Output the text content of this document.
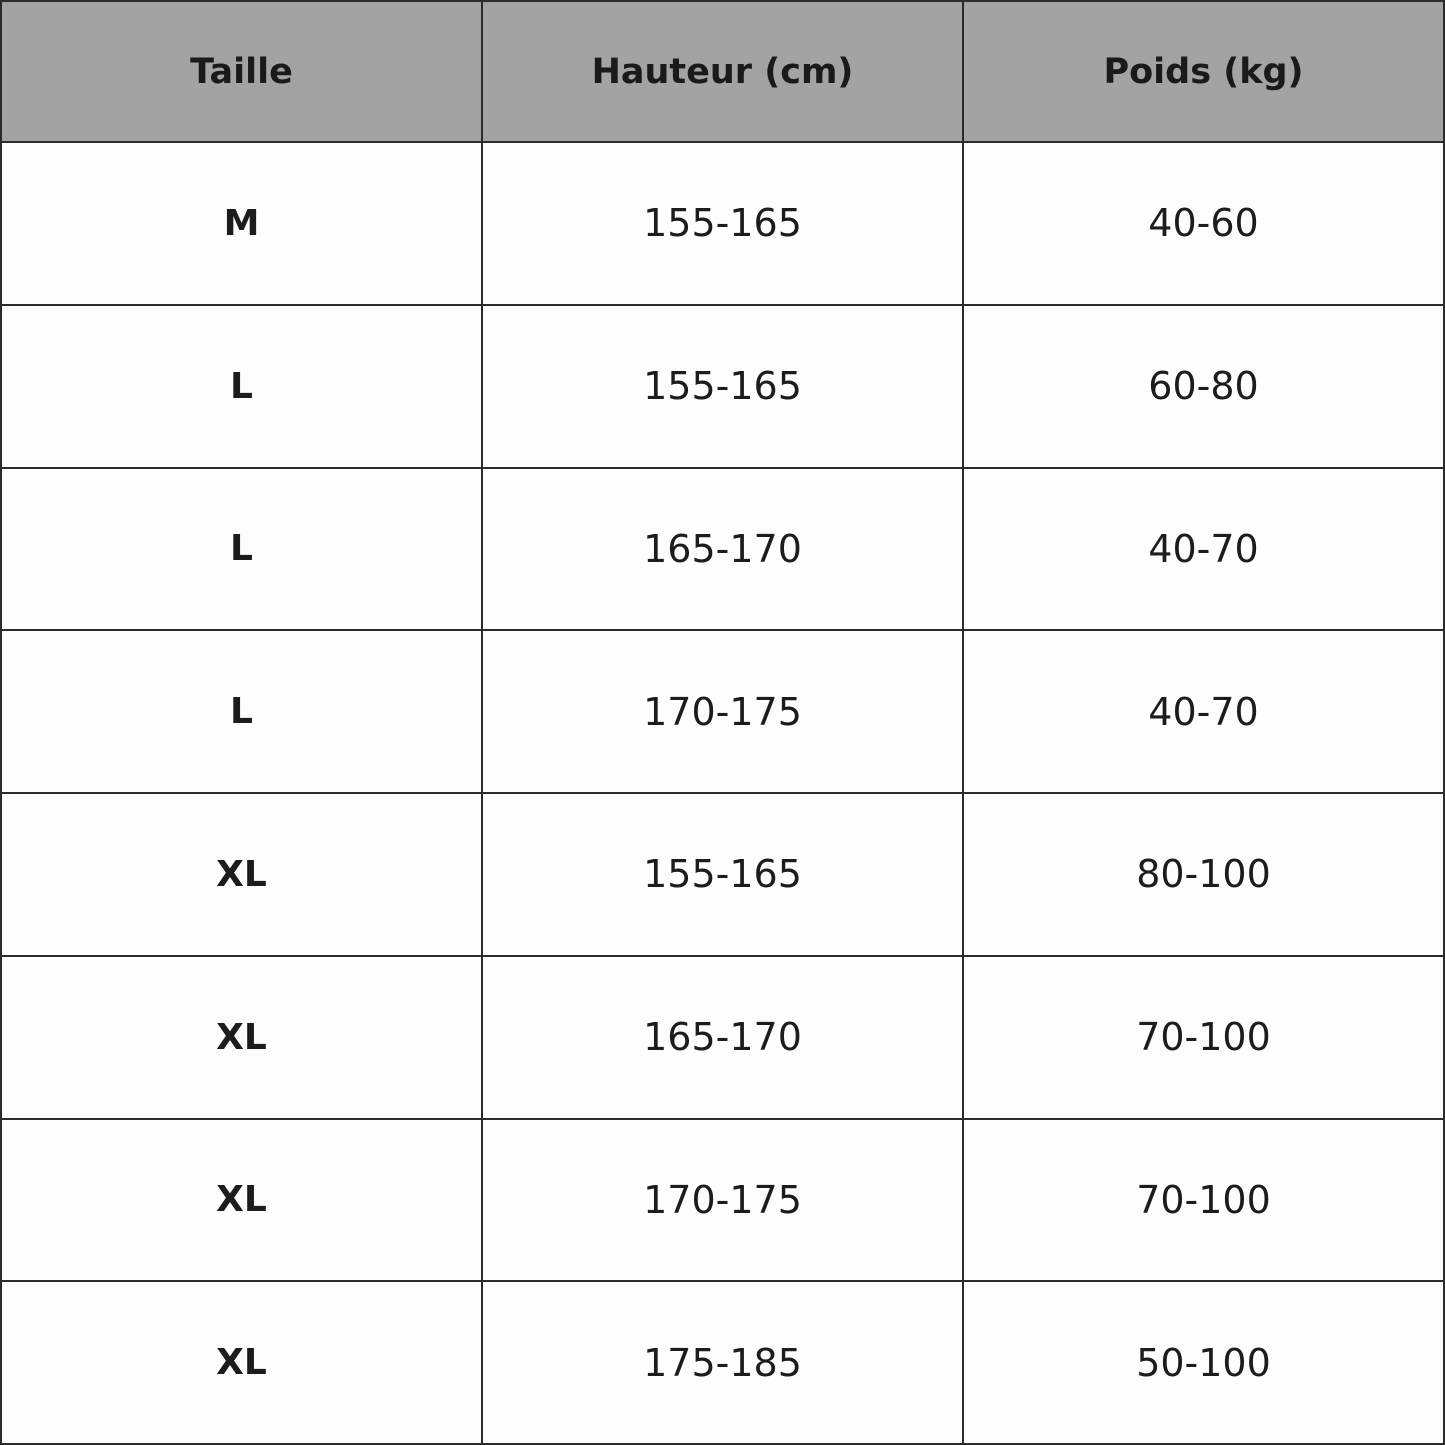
Taille	Hauteur (cm)	Poids (kg)
M	155-165	40-60
L	155-165	60-80
L	165-170	40-70
L	170-175	40-70
XL	155-165	80-100
XL	165-170	70-100
XL	170-175	70-100
XL	175-185	50-100
